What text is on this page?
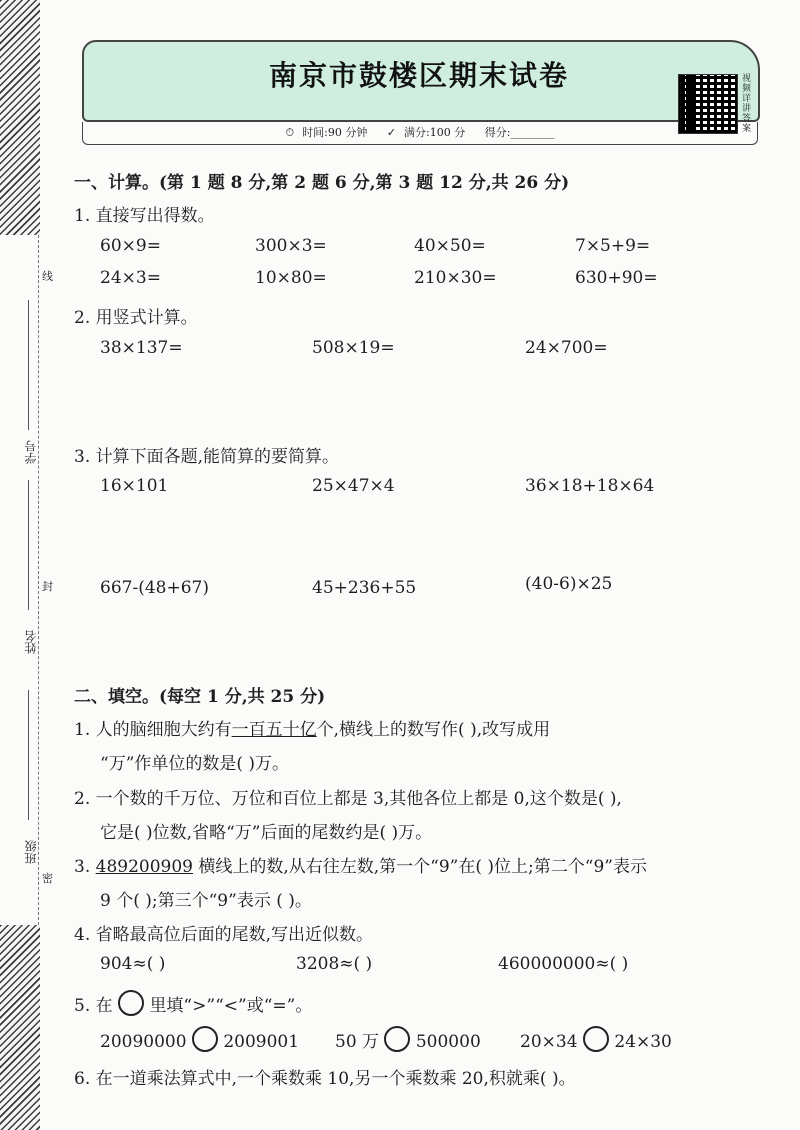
线
封
密
学号
姓名
班级
南京市鼓楼区期末试卷
⏱ 时间:90 分钟 ✓ 满分:100 分 得分:________
视频详讲答案
一、计算。(第 1 题 8 分,第 2 题 6 分,第 3 题 12 分,共 26 分)
1. 直接写出得数。
60×9=	300×3=	40×50=	7×5+9=
24×3=	10×80=	210×30=	630+90=
2. 用竖式计算。
38×137=	508×19=	24×700=
3. 计算下面各题,能简算的要简算。
16×101	25×47×4	36×18+18×64
667-(48+67)	45+236+55	(40-6)×25
二、填空。(每空 1 分,共 25 分)
1. 人的脑细胞大约有一百五十亿个,横线上的数写作( ),改写成用
“万”作单位的数是( )万。
2. 一个数的千万位、万位和百位上都是 3,其他各位上都是 0,这个数是( ),
它是( )位数,省略“万”后面的尾数约是( )万。
3. 489200909 横线上的数,从右往左数,第一个“9”在( )位上;第二个“9”表示
9 个( );第三个“9”表示 ( )。
4. 省略最高位后面的尾数,写出近似数。
904≈( )	3208≈( )	460000000≈( )
5. 在 里填“>”“<”或“=”。
20090000 2009001 50 万 500000 20×34 24×30
6. 在一道乘法算式中,一个乘数乘 10,另一个乘数乘 20,积就乘( )。
